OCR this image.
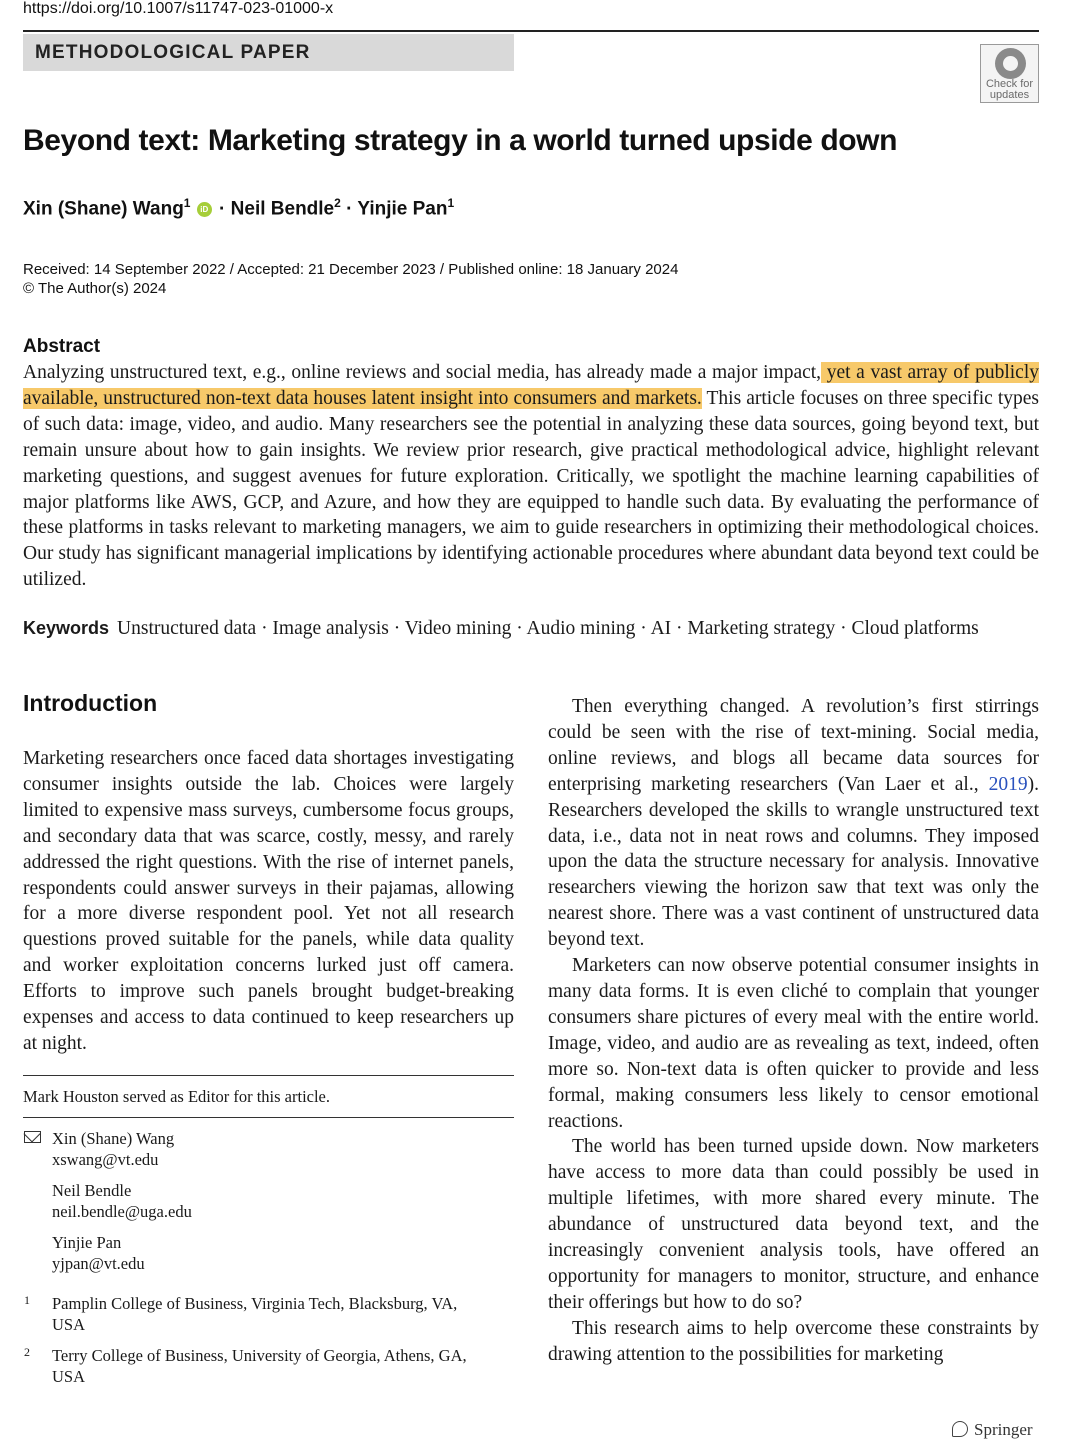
https://doi.org/10.1007/s11747-023-01000-x
METHODOLOGICAL PAPER
Check for
updates
Beyond text: Marketing strategy in a world turned upside down
Xin (Shane) Wang$^1$ iD · Neil Bendle$^2$ · Yinjie Pan$^1$
Received: 14 September 2022 / Accepted: 21 December 2023 / Published online: 18 January 2024
© The Author(s) 2024
Abstract
Analyzing unstructured text, e.g., online reviews and social media, has already made a major impact, yet a vast array of publicly available, unstructured non-text data houses latent insight into consumers and markets. This article focuses on three specific types of such data: image, video, and audio. Many researchers see the potential in analyzing these data sources, going beyond text, but remain unsure about how to gain insights. We review prior research, give practical methodological advice, highlight relevant marketing questions, and suggest avenues for future exploration. Critically, we spotlight the machine learning capabilities of major platforms like AWS, GCP, and Azure, and how they are equipped to handle such data. By evaluating the performance of these platforms in tasks relevant to marketing managers, we aim to guide researchers in optimizing their methodological choices. Our study has significant managerial implications by identifying actionable procedures where abundant data beyond text could be utilized.
Keywords Unstructured data · Image analysis · Video mining · Audio mining · AI · Marketing strategy · Cloud platforms
Introduction

Marketing researchers once faced data shortages investigating consumer insights outside the lab. Choices were largely limited to expensive mass surveys, cumbersome focus groups, and secondary data that was scarce, costly, messy, and rarely addressed the right questions. With the rise of internet panels, respondents could answer surveys in their pajamas, allowing for a more diverse respondent pool. Yet not all research questions proved suitable for the panels, while data quality and worker exploitation concerns lurked just off camera. Efforts to improve such panels brought budget-breaking expenses and access to data continued to keep researchers up at night.

Then everything changed. A revolution’s first stirrings could be seen with the rise of text-mining. Social media, online reviews, and blogs all became data sources for enterprising marketing researchers (Van Laer et al., 2019). Researchers developed the skills to wrangle unstructured text data, i.e., data not in neat rows and columns. They imposed upon the data the structure necessary for analysis. Innovative researchers viewing the horizon saw that text was only the nearest shore. There was a vast continent of unstructured data beyond text.

Marketers can now observe potential consumer insights in many data forms. It is even cliché to complain that younger consumers share pictures of every meal with the entire world. Image, video, and audio are as revealing as text, indeed, often more so. Non-text data is often quicker to provide and less formal, making consumers less likely to censor emotional reactions.

The world has been turned upside down. Now marketers have access to more data than could possibly be used in multiple lifetimes, with more shared every minute. The abundance of unstructured data beyond text, and the increasingly convenient analysis tools, have offered an opportunity for managers to monitor, structure, and enhance their offerings but how to do so?

This research aims to help overcome these constraints by drawing attention to the possibilities for marketing

Mark Houston served as Editor for this article.
Xin (Shane) Wang
xswang@vt.edu
Neil Bendle
neil.bendle@uga.edu
Yinjie Pan
yjpan@vt.edu
1 Pamplin College of Business, Virginia Tech, Blacksburg, VA, USA
2 Terry College of Business, University of Georgia, Athens, GA, USA
Springer
